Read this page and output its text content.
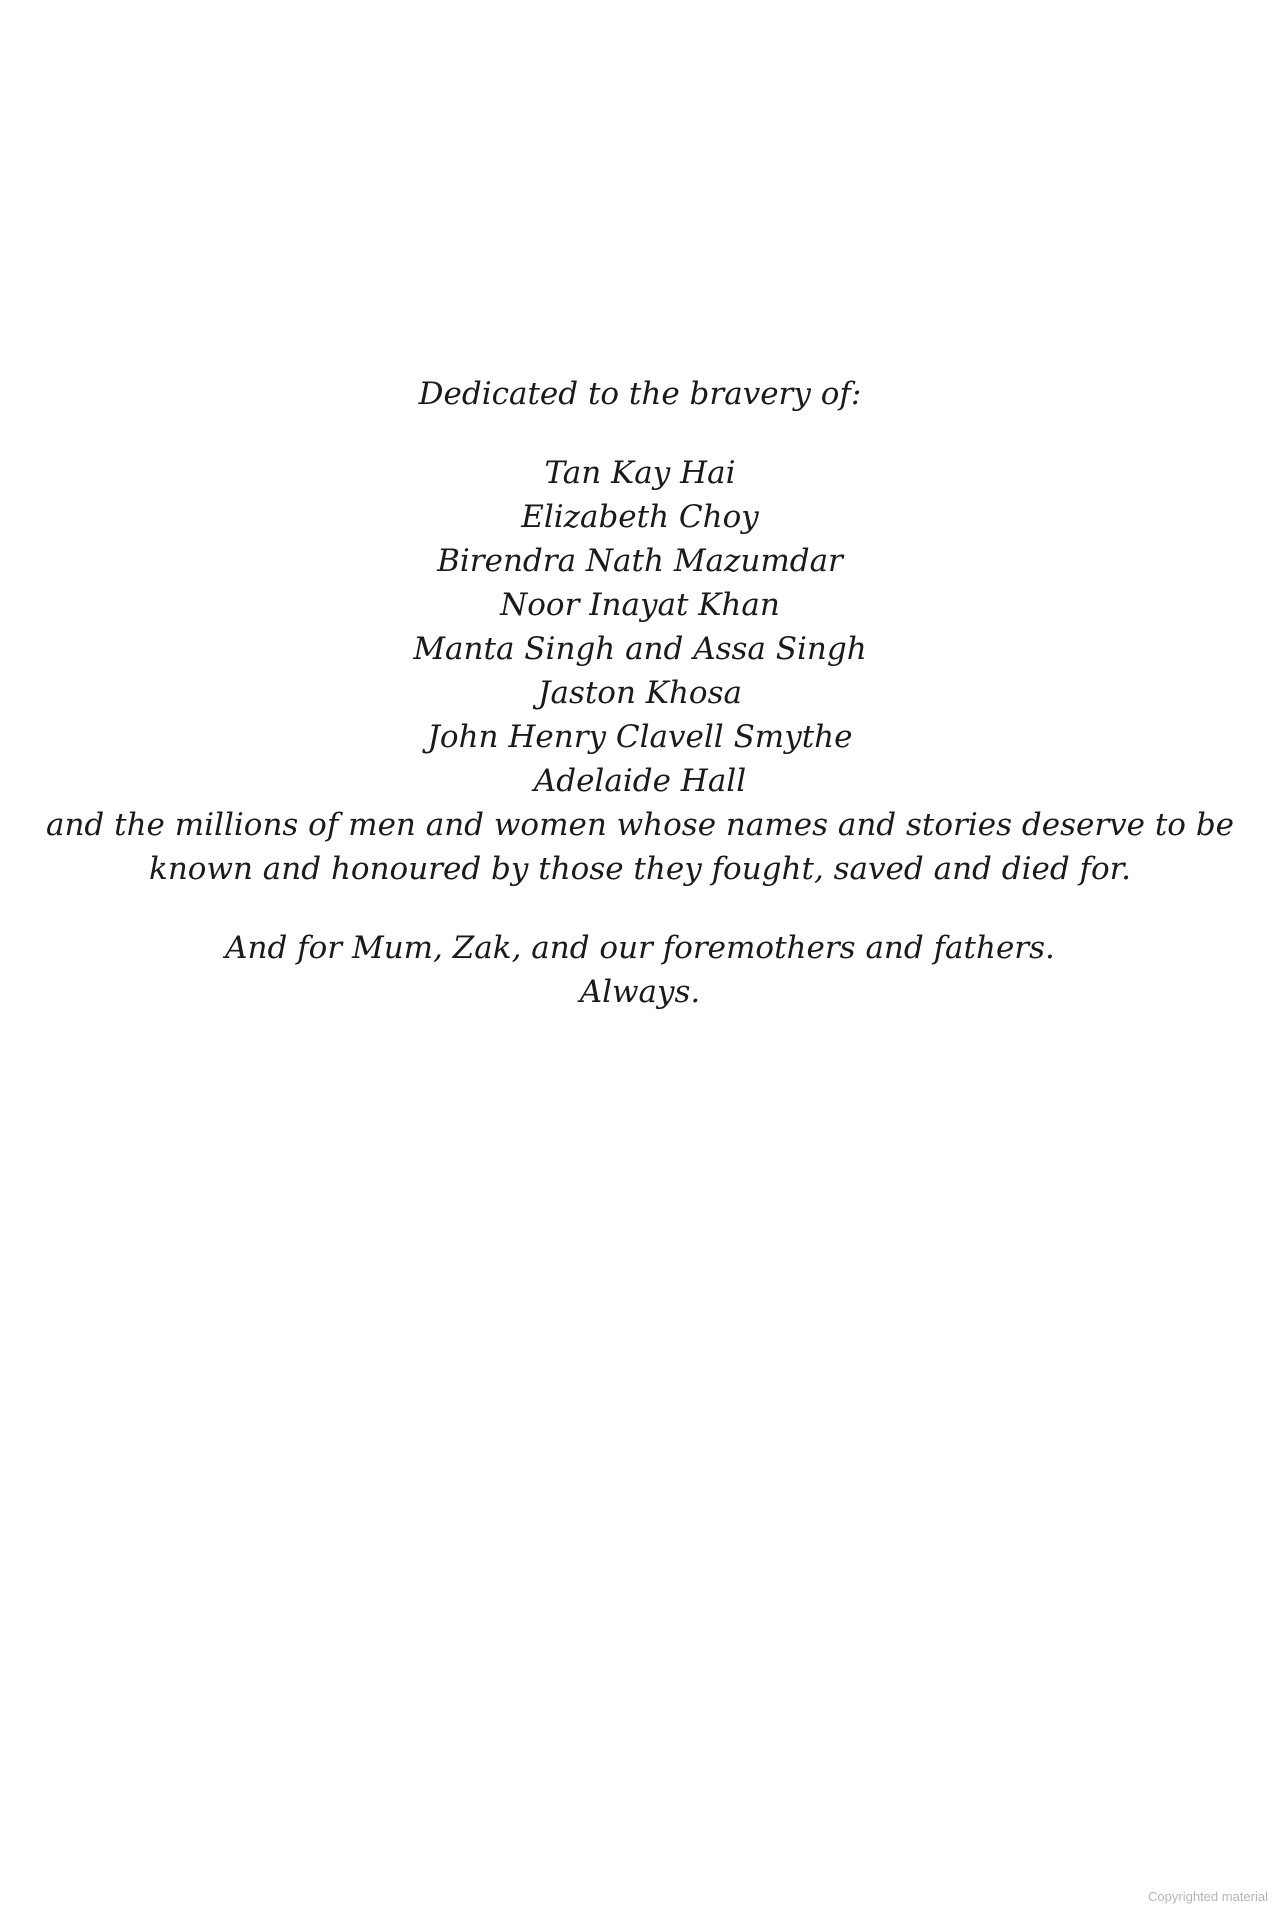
Dedicated to the bravery of:

Tan Kay Hai
Elizabeth Choy
Birendra Nath Mazumdar
Noor Inayat Khan
Manta Singh and Assa Singh
Jaston Khosa
John Henry Clavell Smythe
Adelaide Hall

and the millions of men and women whose names and stories deserve to be

known and honoured by those they fought, saved and died for.

And for Mum, Zak, and our foremothers and fathers.

Always.

Copyrighted material
